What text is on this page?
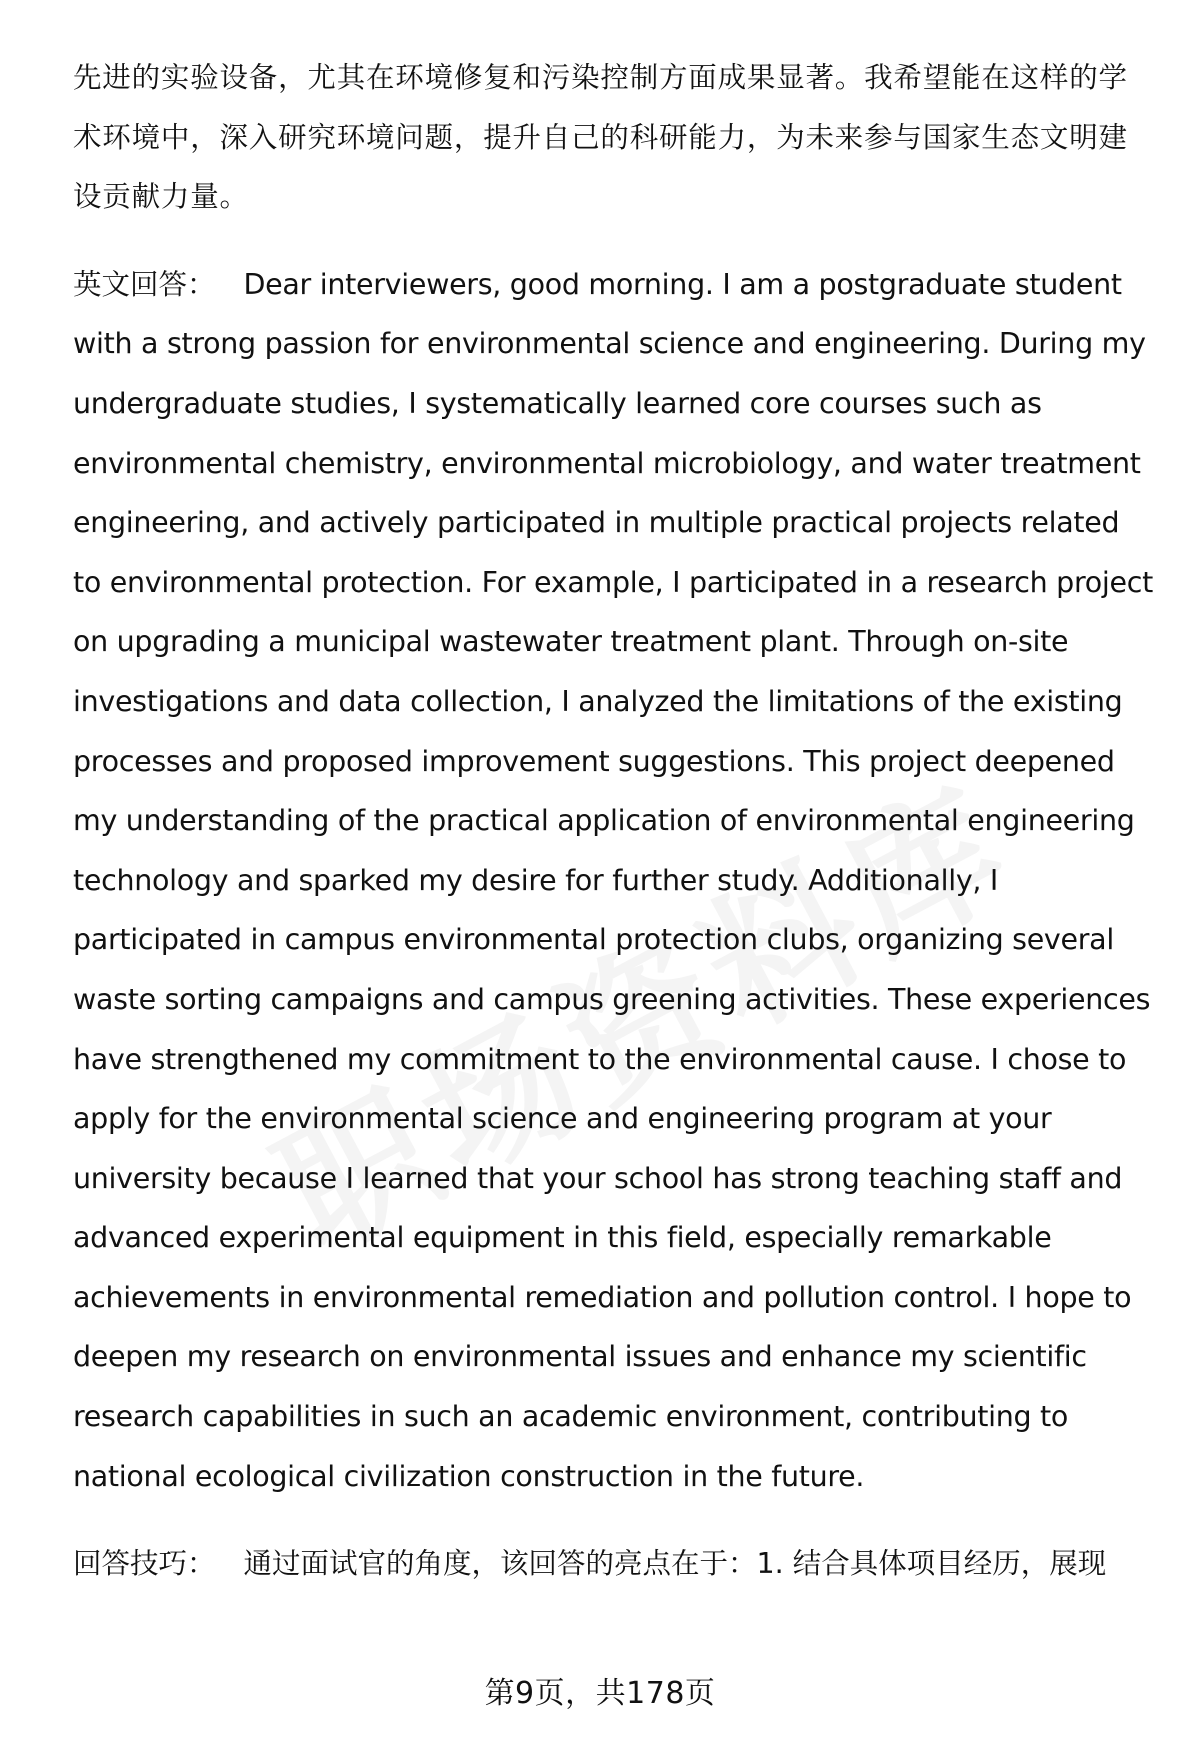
先进的实验设备，尤其在环境修复和污染控制方面成果显著。我希望能在这样的学术环境中，深入研究环境问题，提升自己的科研能力，为未来参与国家生态文明建设贡献力量。

英文回答： Dear interviewers, good morning. I am a postgraduate student with a strong passion for environmental science and engineering. During my undergraduate studies, I systematically learned core courses such as environmental chemistry, environmental microbiology, and water treatment engineering, and actively participated in multiple practical projects related to environmental protection. For example, I participated in a research project on upgrading a municipal wastewater treatment plant. Through on-site investigations and data collection, I analyzed the limitations of the existing processes and proposed improvement suggestions. This project deepened my understanding of the practical application of environmental engineering technology and sparked my desire for further study. Additionally, I participated in campus environmental protection clubs, organizing several waste sorting campaigns and campus greening activities. These experiences have strengthened my commitment to the environmental cause. I chose to apply for the environmental science and engineering program at your university because I learned that your school has strong teaching staff and advanced experimental equipment in this field, especially remarkable achievements in environmental remediation and pollution control. I hope to deepen my research on environmental issues and enhance my scientific research capabilities in such an academic environment, contributing to national ecological civilization construction in the future.

回答技巧： 通过面试官的角度，该回答的亮点在于：1. 结合具体项目经历，展现

第9页，共178页
